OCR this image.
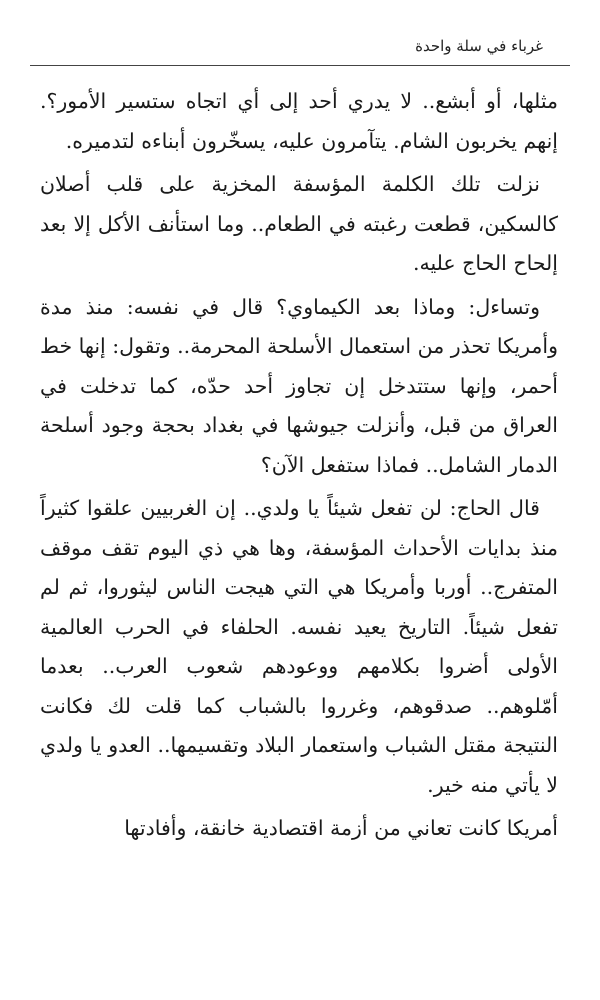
غرباء في سلة واحدة

مثلها، أو أبشع.. لا يدري أحد إلى أي اتجاه ستسير الأمور؟. إنهم يخربون الشام. يتآمرون عليه، يسخّرون أبناءه لتدميره.

نزلت تلك الكلمة المؤسفة المخزية على قلب أصلان كالسكين، قطعت رغبته في الطعام.. وما استأنف الأكل إلا بعد إلحاح الحاج عليه.

وتساءل: وماذا بعد الكيماوي؟ قال في نفسه: منذ مدة وأمريكا تحذر من استعمال الأسلحة المحرمة.. وتقول: إنها خط أحمر، وإنها ستتدخل إن تجاوز أحد حدّه، كما تدخلت في العراق من قبل، وأنزلت جيوشها في بغداد بحجة وجود أسلحة الدمار الشامل.. فماذا ستفعل الآن؟

قال الحاج: لن تفعل شيئاً يا ولدي.. إن الغربيين علقوا كثيراً منذ بدايات الأحداث المؤسفة، وها هي ذي اليوم تقف موقف المتفرج.. أوربا وأمريكا هي التي هيجت الناس ليثوروا، ثم لم تفعل شيئاً. التاريخ يعيد نفسه. الحلفاء في الحرب العالمية الأولى أضروا بكلامهم ووعودهم شعوب العرب.. بعدما أمّلوهم.. صدقوهم، وغرروا بالشباب كما قلت لك فكانت النتيجة مقتل الشباب واستعمار البلاد وتقسيمها.. العدو يا ولدي لا يأتي منه خير.

أمريكا كانت تعاني من أزمة اقتصادية خانقة، وأفادتها
